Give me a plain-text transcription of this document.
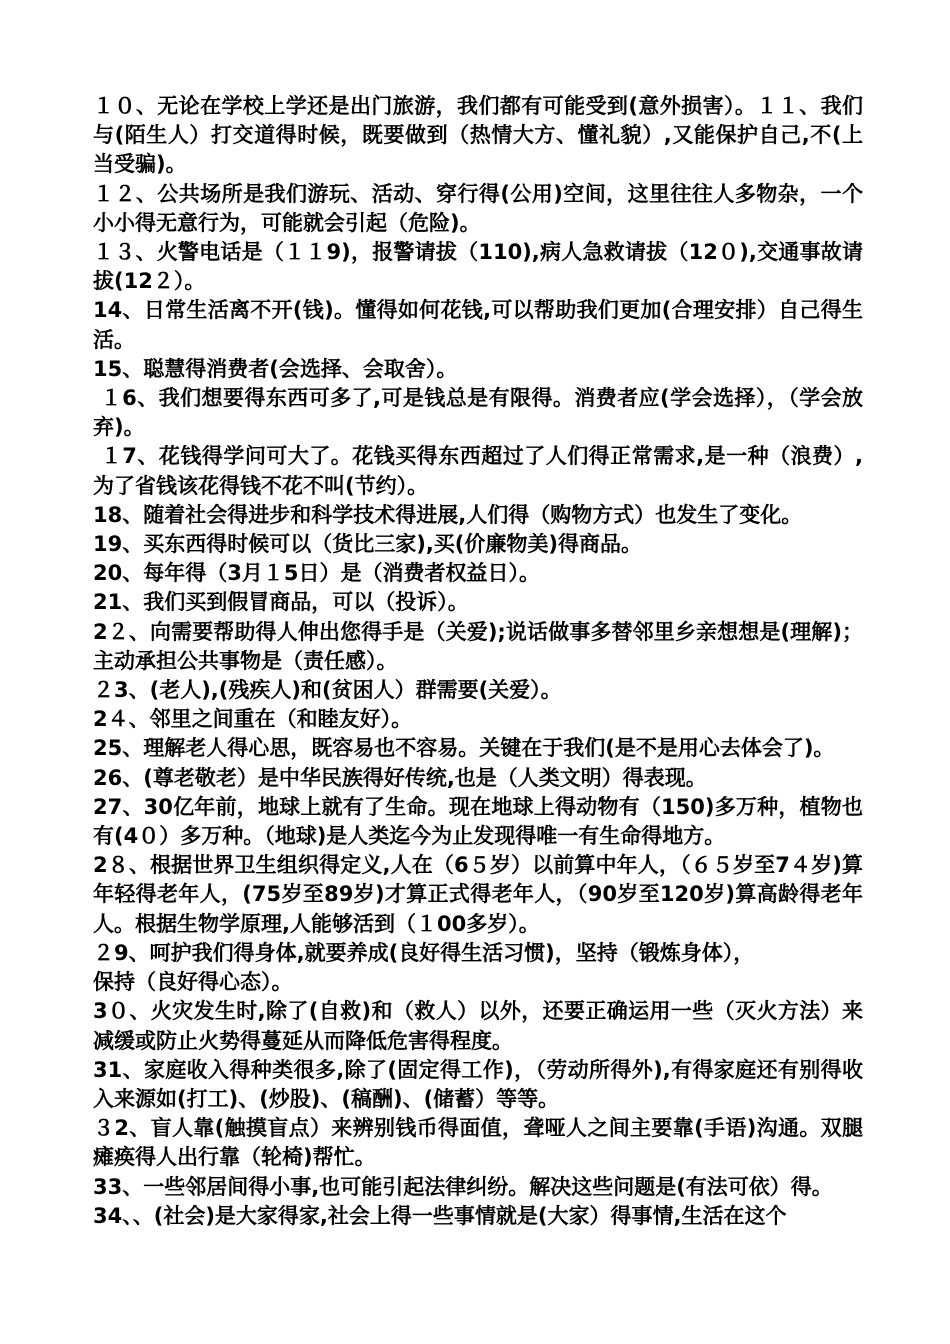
１０、无论在学校上学还是出门旅游，我们都有可能受到(意外损害）。１１、我们与(陌生人）打交道得时候，既要做到（热情大方、懂礼貌）,又能保护自己,不(上当受骗)。

１２、公共场所是我们游玩、活动、穿行得(公用)空间，这里往往人多物杂，一个小小得无意行为，可能就会引起（危险)。

１３、火警电话是（１１9)，报警请拔（110),病人急救请拔（12０),交通事故请拔(12２）。

14、日常生活离不开(钱)。懂得如何花钱,可以帮助我们更加(合理安排）自己得生活。

15、聪慧得消费者(会选择、会取舍）。

１6、我们想要得东西可多了,可是钱总是有限得。消费者应(学会选择），（学会放弃)。

１7、花钱得学问可大了。花钱买得东西超过了人们得正常需求,是一种（浪费）,为了省钱该花得钱不花不叫(节约）。

18、随着社会得进步和科学技术得进展,人们得（购物方式）也发生了变化。

19、买东西得时候可以（货比三家),买(价廉物美)得商品。

20、每年得（3月１5日）是（消费者权益日）。

21、我们买到假冒商品，可以（投诉）。

2２、向需要帮助得人伸出您得手是（关爱);说话做事多替邻里乡亲想想是(理解)；主动承担公共事物是（责任感）。

２3、(老人),(残疾人)和(贫困人）群需要(关爱）。

2４、邻里之间重在（和睦友好）。

25、理解老人得心思，既容易也不容易。关键在于我们(是不是用心去体会了)。

26、(尊老敬老）是中华民族得好传统,也是（人类文明）得表现。

27、30亿年前，地球上就有了生命。现在地球上得动物有（150)多万种，植物也有(4０）多万种。（地球)是人类迄今为止发现得唯一有生命得地方。

2８、根据世界卫生组织得定义,人在（6５岁）以前算中年人，（６５岁至7４岁)算年轻得老年人，(75岁至89岁)才算正式得老年人，（90岁至120岁)算高龄得老年人。根据生物学原理,人能够活到（１00多岁）。

２9、呵护我们得身体,就要养成(良好得生活习惯)，坚持（锻炼身体），
保持（良好得心态）。

3０、火灾发生时,除了(自救)和（救人）以外，还要正确运用一些（灭火方法）来减缓或防止火势得蔓延从而降低危害得程度。

31、家庭收入得种类很多,除了(固定得工作)，（劳动所得外),有得家庭还有别得收入来源如(打工)、(炒股)、(稿酬)、(储蓄）等等。

３2、盲人靠(触摸盲点）来辨别钱币得面值，聋哑人之间主要靠(手语)沟通。双腿瘫痪得人出行靠（轮椅)帮忙。

33、一些邻居间得小事,也可能引起法律纠纷。解决这些问题是(有法可依）得。

34、、(社会)是大家得家,社会上得一些事情就是(大家）得事情,生活在这个
